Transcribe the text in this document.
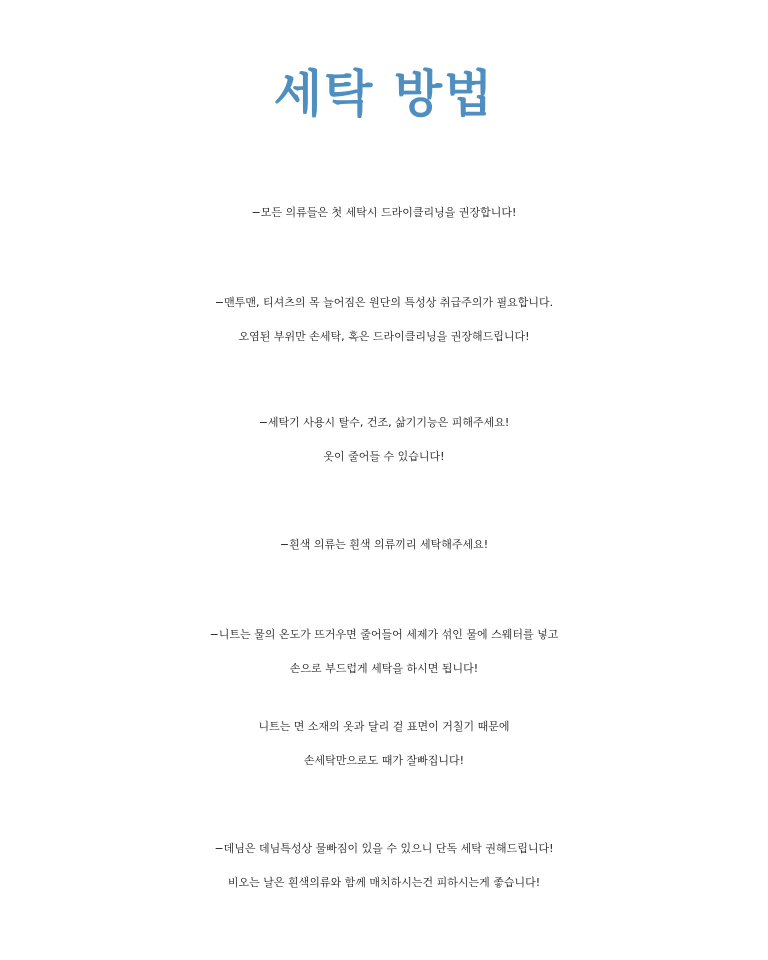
세탁 방법
−모든 의류들은 첫 세탁시 드라이클리닝을 권장합니다!
−맨투맨, 티셔츠의 목 늘어짐은 원단의 특성상 취급주의가 필요합니다.
오염된 부위만 손세탁, 혹은 드라이클리닝을 권장해드립니다!
−세탁기 사용시 탈수, 건조, 삶기기능은 피해주세요!
옷이 줄어들 수 있습니다!
−흰색 의류는 흰색 의류끼리 세탁해주세요!
−니트는 물의 온도가 뜨거우면 줄어들어 세제가 섞인 물에 스웨터를 넣고
손으로 부드럽게 세탁을 하시면 됩니다!
니트는 면 소재의 옷과 달리 겉 표면이 거칠기 때문에
손세탁만으로도 때가 잘빠집니다!
−데님은 데님특성상 물빠짐이 있을 수 있으니 단독 세탁 권해드립니다!
비오는 날은 흰색의류와 함께 매치하시는건 피하시는게 좋습니다!
